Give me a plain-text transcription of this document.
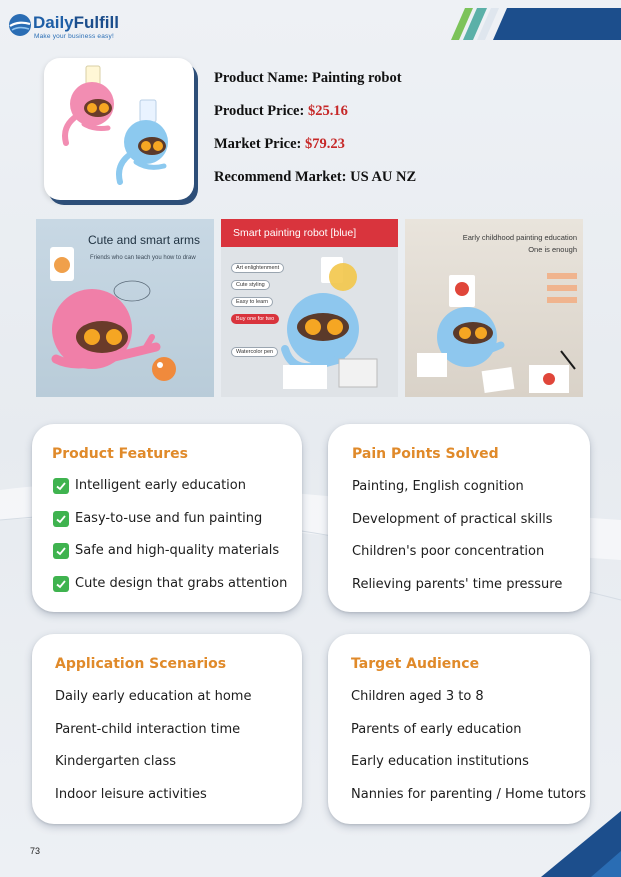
DailyFulfill
Make your business easy!
Product Name: Painting robot
Product Price: $25.16
Market Price: $79.23
Recommend Market: US AU NZ
Cute and smart arms
Friends who can teach you how to draw
Smart painting robot [blue]
Art enlightenment
Cute styling
Easy to learn
Buy one for two
Watercolor pen
Early childhood painting education
One is enough
Product Features
Intelligent early education
Easy-to-use and fun painting
Safe and high-quality materials
Cute design that grabs attention
Pain Points Solved
Painting, English cognition
Development of practical skills
Children's poor concentration
Relieving parents' time pressure
Application Scenarios
Daily early education at home
Parent-child interaction time
Kindergarten class
Indoor leisure activities
Target Audience
Children aged 3 to 8
Parents of early education
Early education institutions
Nannies for parenting / Home tutors
73
